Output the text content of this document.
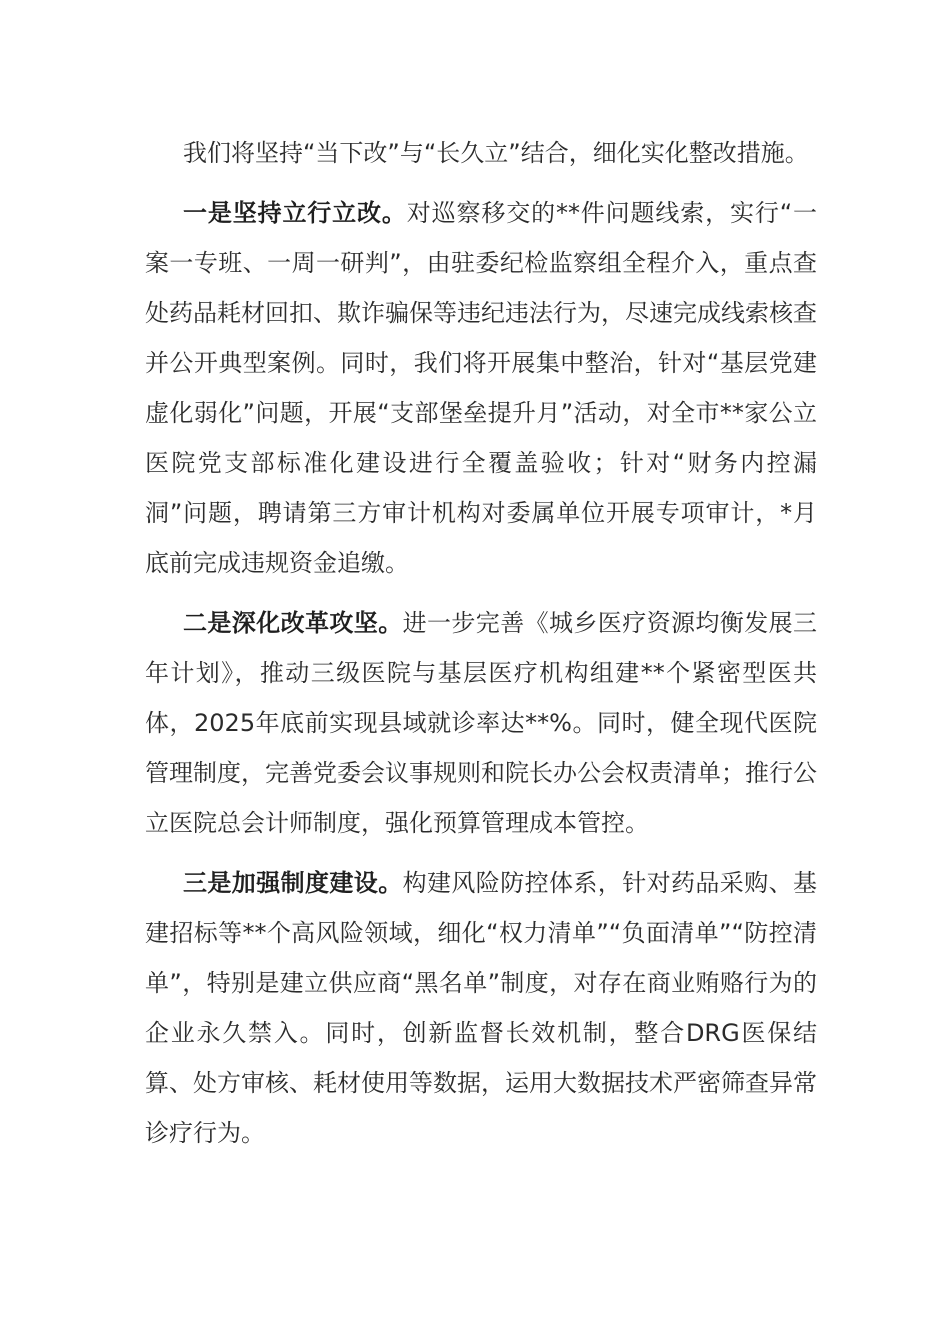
我们将坚持“当下改”与“长久立”结合，细化实化整改措施。

一是坚持立行立改。对巡察移交的**件问题线索，实行“一案一专班、一周一研判”，由驻委纪检监察组全程介入，重点查处药品耗材回扣、欺诈骗保等违纪违法行为，尽速完成线索核查并公开典型案例。同时，我们将开展集中整治，针对“基层党建虚化弱化”问题，开展“支部堡垒提升月”活动，对全市**家公立医院党支部标准化建设进行全覆盖验收；针对“财务内控漏洞”问题，聘请第三方审计机构对委属单位开展专项审计，*月底前完成违规资金追缴。

二是深化改革攻坚。进一步完善《城乡医疗资源均衡发展三年计划》，推动三级医院与基层医疗机构组建**个紧密型医共体，2025年底前实现县域就诊率达**%。同时，健全现代医院管理制度，完善党委会议事规则和院长办公会权责清单；推行公立医院总会计师制度，强化预算管理成本管控。

三是加强制度建设。构建风险防控体系，针对药品采购、基建招标等**个高风险领域，细化“权力清单”“负面清单”“防控清单”，特别是建立供应商“黑名单”制度，对存在商业贿赂行为的企业永久禁入。同时，创新监督长效机制，整合DRG医保结算、处方审核、耗材使用等数据，运用大数据技术严密筛查异常诊疗行为。
